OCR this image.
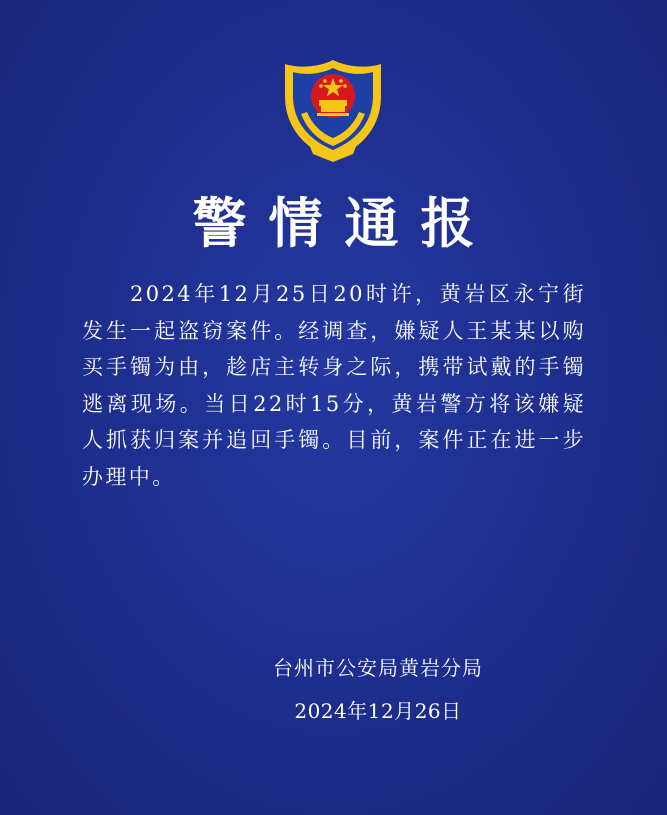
警情通报

2024年12月25日20时许，黄岩区永宁街发生一起盗窃案件。经调查，嫌疑人王某某以购买手镯为由，趁店主转身之际，携带试戴的手镯逃离现场。当日22时15分，黄岩警方将该嫌疑人抓获归案并追回手镯。目前，案件正在进一步办理中。

台州市公安局黄岩分局
2024年12月26日
